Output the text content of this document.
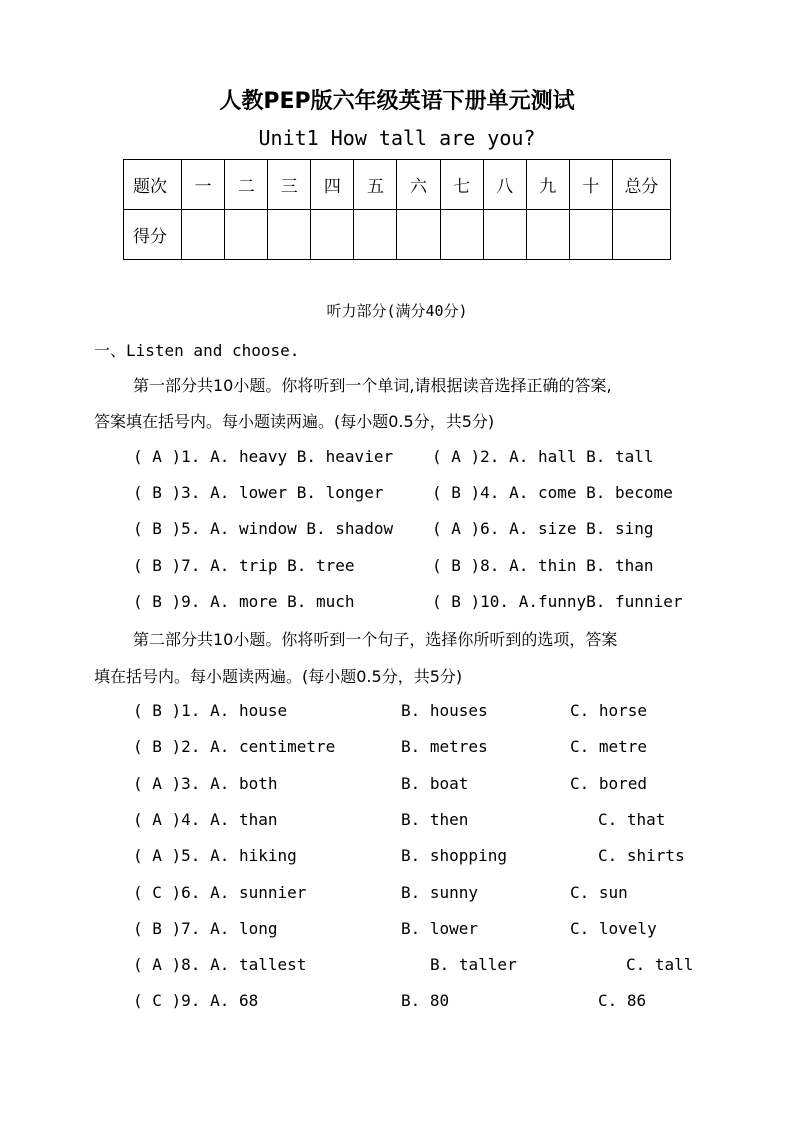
人教PEP版六年级英语下册单元测试
Unit1 How tall are you?
题次	一	二	三	四	五	六	七	八	九	十	总分
得分											
听力部分(满分40分)
一、Listen and choose.
第一部分共10小题。你将听到一个单词,请根据读音选择正确的答案,
答案填在括号内。每小题读两遍。(每小题0.5分，共5分)
( A )1. A. heavy B. heavier ( A )2. A. hall B. tall
( B )3. A. lower B. longer	( B )4. A. come B. become
( B )5. A. window B. shadow ( A )6. A. size B. sing
( B )7. A. trip B. tree	( B )8. A. thin B. than
( B )9. A. more B. much	( B )10. A.funnyB. funnier
第二部分共10小题。你将听到一个句子，选择你所听到的选项，答案
填在括号内。每小题读两遍。(每小题0.5分，共5分)
( B )1. A. house	B. houses	C. horse
( B )2. A. centimetre	B. metres	C. metre
( A )3. A. both	B. boat	C. bored
( A )4. A. than	B. then	C. that
( A )5. A. hiking	B. shopping	C. shirts
( C )6. A. sunnier	B. sunny	C. sun
( B )7. A. long	B. lower	C. lovely
( A )8. A. tallest	B. taller	C. tall
( C )9. A. 68	B. 80	C. 86
